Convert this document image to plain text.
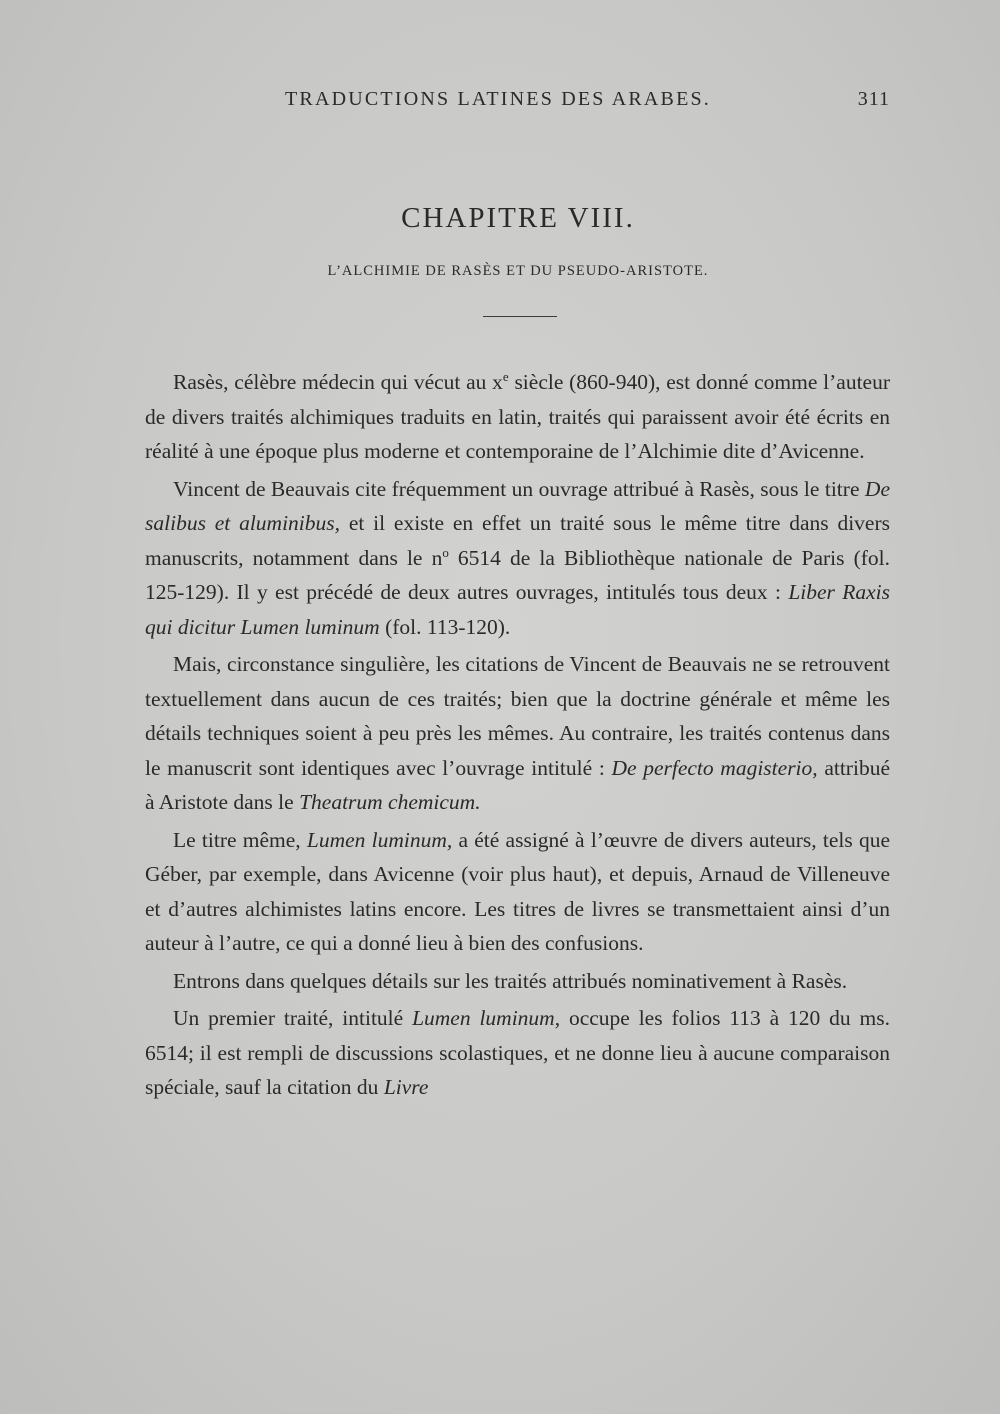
TRADUCTIONS LATINES DES ARABES.	311
CHAPITRE VIII.
L’ALCHIMIE DE RASÈS ET DU PSEUDO-ARISTOTE.

Rasès, célèbre médecin qui vécut au $x^e$ siècle (860-940), est donné comme l’auteur de divers traités alchimiques traduits en latin, traités qui paraissent avoir été écrits en réalité à une époque plus moderne et contemporaine de l’Alchimie dite d’Avicenne.

Vincent de Beauvais cite fréquemment un ouvrage attribué à Rasès, sous le titre De salibus et aluminibus, et il existe en effet un traité sous le même titre dans divers manuscrits, notamment dans le $n^o$ 6514 de la Bibliothèque nationale de Paris (fol. 125-129). Il y est précédé de deux autres ouvrages, intitulés tous deux : Liber Raxis qui dicitur Lumen luminum (fol. 113-120).

Mais, circonstance singulière, les citations de Vincent de Beauvais ne se retrouvent textuellement dans aucun de ces traités; bien que la doctrine générale et même les détails techniques soient à peu près les mêmes. Au contraire, les traités contenus dans le manuscrit sont identiques avec l’ouvrage intitulé : De perfecto magisterio, attribué à Aristote dans le Theatrum chemicum.

Le titre même, Lumen luminum, a été assigné à l’œuvre de divers auteurs, tels que Géber, par exemple, dans Avicenne (voir plus haut), et depuis, Arnaud de Villeneuve et d’autres alchimistes latins encore. Les titres de livres se transmettaient ainsi d’un auteur à l’autre, ce qui a donné lieu à bien des confusions.

Entrons dans quelques détails sur les traités attribués nominativement à Rasès.

Un premier traité, intitulé Lumen luminum, occupe les folios 113 à 120 du ms. 6514; il est rempli de discussions scolastiques, et ne donne lieu à aucune comparaison spéciale, sauf la citation du Livre
